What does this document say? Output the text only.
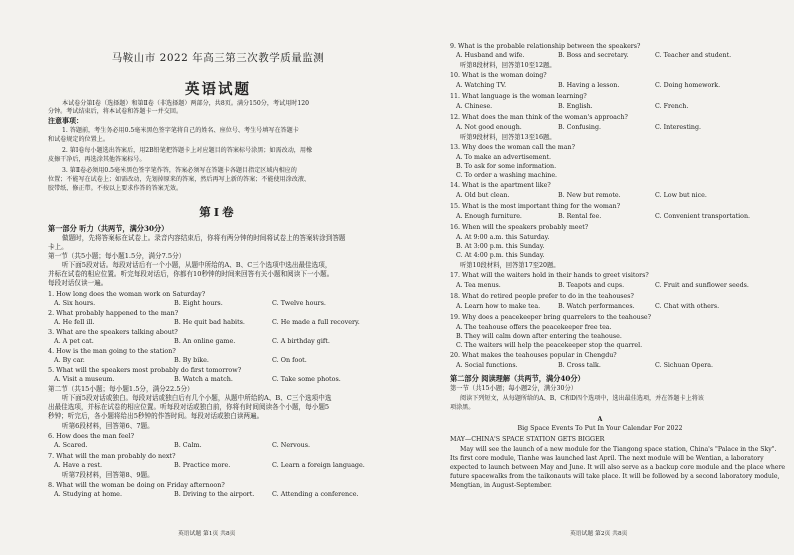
马鞍山市 2022 年高三第三次教学质量监测
英语试题
本试卷分第Ⅰ卷（选择题）和第Ⅱ卷（非选择题）两部分，共8页。满分150分，考试用时120
分钟。考试结束后，将本试卷和答题卡一并交回。
注意事项：
1. 答题前，考生务必用0.5毫米黑色签字笔将自己的姓名、座位号、考生号填写在答题卡
和试卷规定的位置上。
2. 第Ⅰ卷每小题选出答案后，用2B铅笔把答题卡上对应题目的答案标号涂黑；如需改动，用橡
皮擦干净后，再选涂其他答案标号。
3. 第Ⅱ卷必须用0.5毫米黑色签字笔作答，答案必须写在答题卡各题目指定区域内相应的
位置；不能写在试卷上；如需改动，先划掉原来的答案，然后再写上新的答案；不能使用涂改液、
胶带纸、修正带。不按以上要求作答的答案无效。
第Ⅰ卷
第一部分 听力（共两节，满分30分）
做题时，先将答案标在试卷上。录音内容结束后，你将有两分钟的时间将试卷上的答案转涂到答题
卡上。
第一节（共5小题；每小题1.5分，满分7.5分）
听下面5段对话。每段对话后有一个小题，从题中所给的A、B、C三个选项中选出最佳选项，
并标在试卷的相应位置。听完每段对话后，你都有10秒钟的时间来回答有关小题和阅读下一小题。
每段对话仅读一遍。
1. How long does the woman work on Saturday?
A. Six hours.	B. Eight hours.	C. Twelve hours.
2. What probably happened to the man?
A. He fell ill.	B. He quit bad habits.	C. He made a full recovery.
3. What are the speakers talking about?
A. A pet cat.	B. An online game.	C. A birthday gift.
4. How is the man going to the station?
A. By car.	B. By bike.	C. On foot.
5. What will the speakers most probably do first tomorrow?
A. Visit a museum.	B. Watch a match.	C. Take some photos.
第二节（共15小题；每小题1.5分，满分22.5分）
听下面5段对话或独白。每段对话或独白后有几个小题，从题中所给的A、B、C三个选项中选
出最佳选项，并标在试卷的相应位置。听每段对话或独白前，你将有时间阅读各个小题，每小题5
秒钟；听完后，各小题将给出5秒钟的作答时间。每段对话或独白读两遍。
听第6段材料，回答第6、7题。
6. How does the man feel?
A. Scared.	B. Calm.	C. Nervous.
7. What will the man probably do next?
A. Have a rest.	B. Practice more.	C. Learn a foreign language.
听第7段材料，回答第8、9题。
8. What will the woman be doing on Friday afternoon?
A. Studying at home.	B. Driving to the airport.	C. Attending a conference.
英语试题 第1页 共8页
9. What is the probable relationship between the speakers?
A. Husband and wife.	B. Boss and secretary.	C. Teacher and student.
听第8段材料，回答第10至12题。
10. What is the woman doing?
A. Watching TV.	B. Having a lesson.	C. Doing homework.
11. What language is the woman learning?
A. Chinese.	B. English.	C. French.
12. What does the man think of the woman's approach?
A. Not good enough.	B. Confusing.	C. Interesting.
听第9段材料，回答第13至16题。
13. Why does the woman call the man?
A. To make an advertisement.
B. To ask for some information.
C. To order a washing machine.
14. What is the apartment like?
A. Old but clean.	B. New but remote.	C. Low but nice.
15. What is the most important thing for the woman?
A. Enough furniture.	B. Rental fee.	C. Convenient transportation.
16. When will the speakers probably meet?
A. At 9:00 a.m. this Saturday.
B. At 3:00 p.m. this Sunday.
C. At 4:00 p.m. this Sunday.
听第10段材料，回答第17至20题。
17. What will the waiters hold in their hands to greet visitors?
A. Tea menus.	B. Teapots and cups.	C. Fruit and sunflower seeds.
18. What do retired people prefer to do in the teahouses?
A. Learn how to make tea.	B. Watch performances.	C. Chat with others.
19. Why does a peacekeeper bring quarrelers to the teahouse?
A. The teahouse offers the peacekeeper free tea.
B. They will calm down after entering the teahouse.
C. The waiters will help the peacekeeper stop the quarrel.
20. What makes the teahouses popular in Chengdu?
A. Social functions.	B. Cross talk.	C. Sichuan Opera.
第二部分 阅读理解（共两节，满分40分）
第一节（共15小题；每小题2分，满分30分）
阅读下列短文，从每题所给的A、B、C和D四个选项中，选出最佳选项，并在答题卡上将该
项涂黑。
A
Big Space Events To Put In Your Calendar For 2022
MAY—CHINA'S SPACE STATION GETS BIGGER
May will see the launch of a new module for the Tiangong space station, China's "Palace in the Sky".
Its first core module, Tianhe was launched last April. The next module will be Wentian, a laboratory
expected to launch between May and June. It will also serve as a backup core module and the place where
future spacewalks from the taikonauts will take place. It will be followed by a second laboratory module,
Mengtian, in August-September.
英语试题 第2页 共8页
